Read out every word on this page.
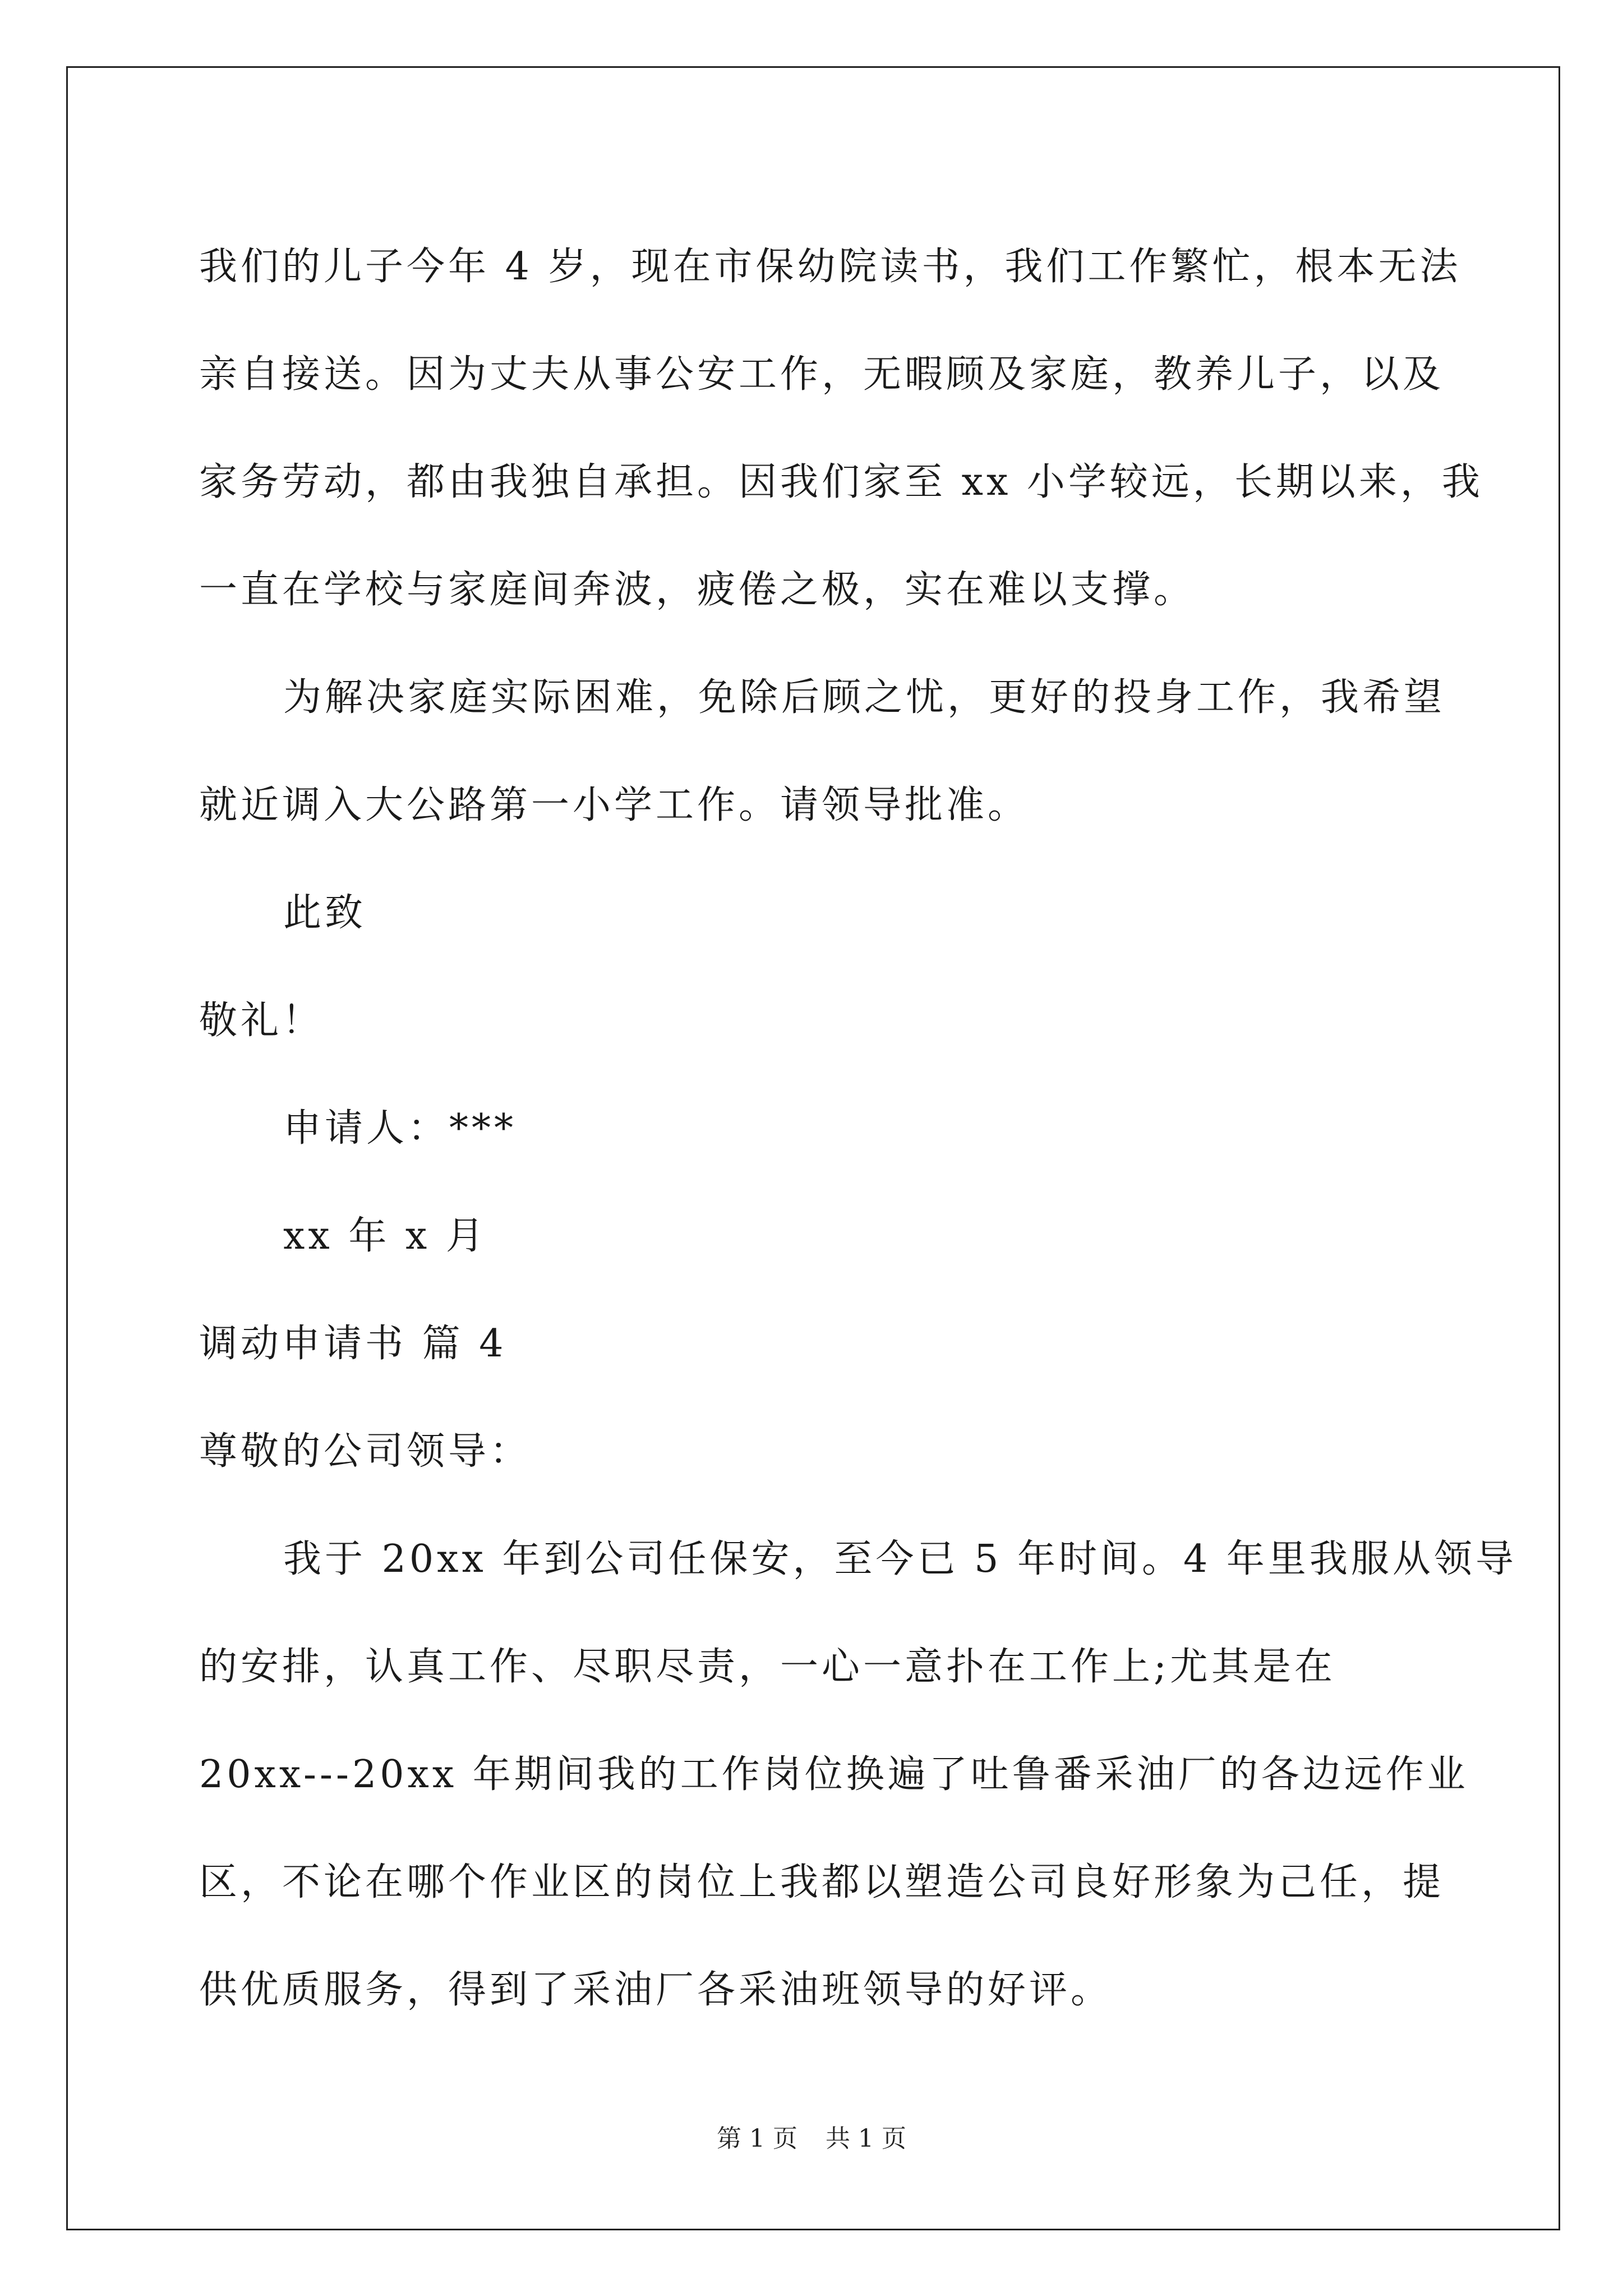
我们的儿子今年 4 岁，现在市保幼院读书，我们工作繁忙，根本无法
亲自接送。因为丈夫从事公安工作，无暇顾及家庭，教养儿子，以及
家务劳动，都由我独自承担。因我们家至 xx 小学较远，长期以来，我
一直在学校与家庭间奔波，疲倦之极，实在难以支撑。
为解决家庭实际困难，免除后顾之忧，更好的投身工作，我希望
就近调入大公路第一小学工作。请领导批准。
此致
敬礼！
申请人：***
xx 年 x 月
调动申请书 篇 4
尊敬的公司领导：
我于 20xx 年到公司任保安，至今已 5 年时间。4 年里我服从领导
的安排，认真工作、尽职尽责，一心一意扑在工作上;尤其是在
20xx---20xx 年期间我的工作岗位换遍了吐鲁番采油厂的各边远作业
区，不论在哪个作业区的岗位上我都以塑造公司良好形象为己任，提
供优质服务，得到了采油厂各采油班领导的好评。
第 1 页 共 1 页
